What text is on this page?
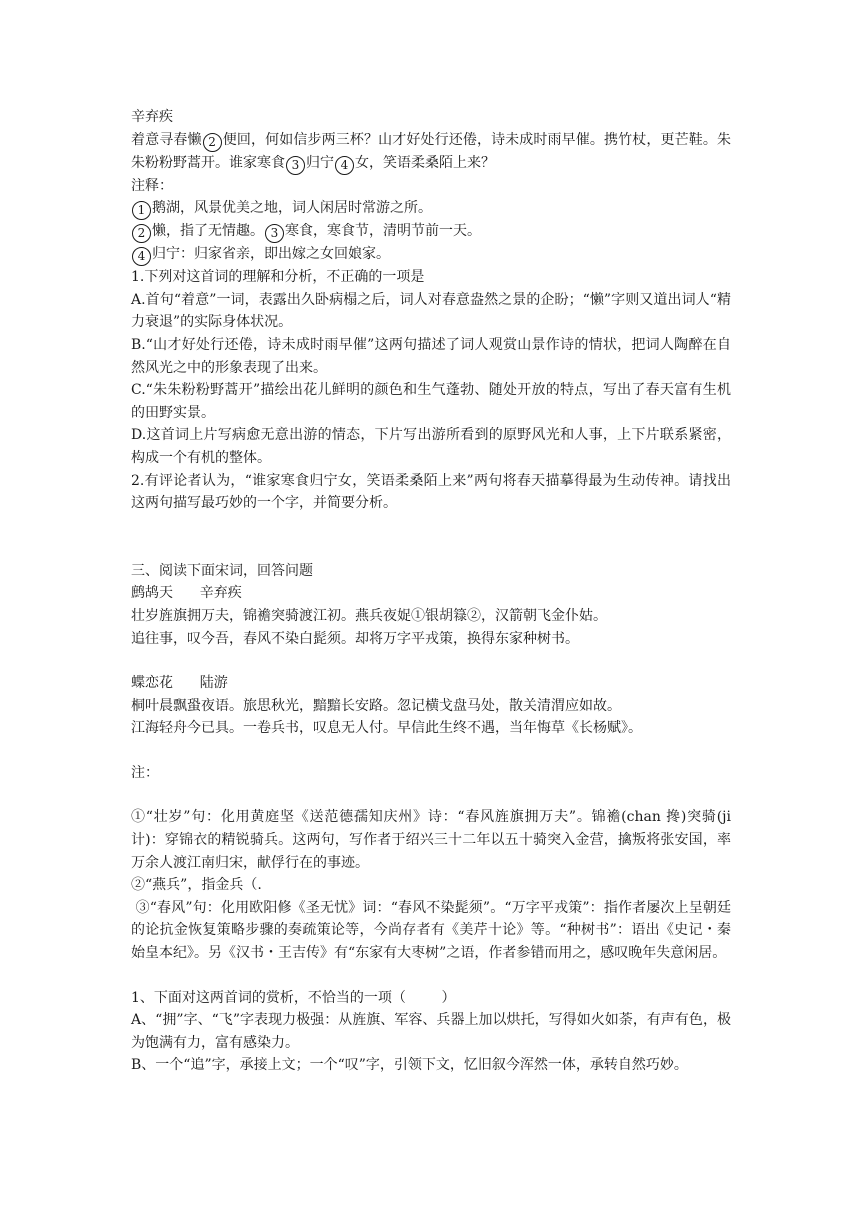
辛弃疾

着意寻春懒 2 便回，何如信步两三杯？山才好处行还倦，诗未成时雨早催。携竹杖，更芒鞋。朱朱粉粉野蒿开。谁家寒食 3 归宁 4 女，笑语柔桑陌上来？

注释：

1 鹅湖，风景优美之地，词人闲居时常游之所。

2 懒，指了无情趣。 3 寒食，寒食节，清明节前一天。

4 归宁：归家省亲，即出嫁之女回娘家。

1.下列对这首词的理解和分析，不正确的一项是

A.首句“着意”一词，表露出久卧病榻之后，词人对春意盎然之景的企盼；“懒”字则又道出词人“精力衰退”的实际身体状况。

B.“山才好处行还倦，诗未成时雨早催”这两句描述了词人观赏山景作诗的情状，把词人陶醉在自然风光之中的形象表现了出来。

C.“朱朱粉粉野蒿开”描绘出花儿鲜明的颜色和生气蓬勃、随处开放的特点，写出了春天富有生机的田野实景。

D.这首词上片写病愈无意出游的情态，下片写出游所看到的原野风光和人事，上下片联系紧密，构成一个有机的整体。

2.有评论者认为，“谁家寒食归宁女，笑语柔桑陌上来”两句将春天描摹得最为生动传神。请找出这两句描写最巧妙的一个字，并简要分析。

三、阅读下面宋词，回答问题

鹧鸪天      辛弃疾

壮岁旌旗拥万夫，锦襜突骑渡江初。燕兵夜娖①银胡簶②，汉箭朝飞金仆姑。

追往事，叹今吾，春风不染白髭须。却将万字平戎策，换得东家种树书。

蝶恋花      陆游

桐叶晨飘蛩夜语。旅思秋光，黯黯长安路。忽记横戈盘马处，散关清渭应如故。

江海轻舟今已具。一卷兵书，叹息无人付。早信此生终不遇，当年悔草《长杨赋》。

注：

①“壮岁”句：化用黄庭坚《送范德孺知庆州》诗：“春风旌旗拥万夫”。锦襜(chan 搀)突骑(ji 计)：穿锦衣的精锐骑兵。这两句，写作者于绍兴三十二年以五十骑突入金营，擒叛将张安国，率万余人渡江南归宋，献俘行在的事迹。

②“燕兵”，指金兵（.

③“春风”句：化用欧阳修《圣无忧》词：“春风不染髭须”。“万字平戎策”：指作者屡次上呈朝廷的论抗金恢复策略步骤的奏疏策论等，今尚存者有《美芹十论》等。“种树书”：语出《史记・秦始皇本纪》。另《汉书・王吉传》有“东家有大枣树”之语，作者参错而用之，感叹晚年失意闲居。

1、下面对这两首词的赏析，不恰当的一项（        ）

A、“拥”字、“飞”字表现力极强：从旌旗、军容、兵器上加以烘托，写得如火如荼，有声有色，极为饱满有力，富有感染力。

B、一个“追”字，承接上文；一个“叹”字，引领下文，忆旧叙今浑然一体，承转自然巧妙。
